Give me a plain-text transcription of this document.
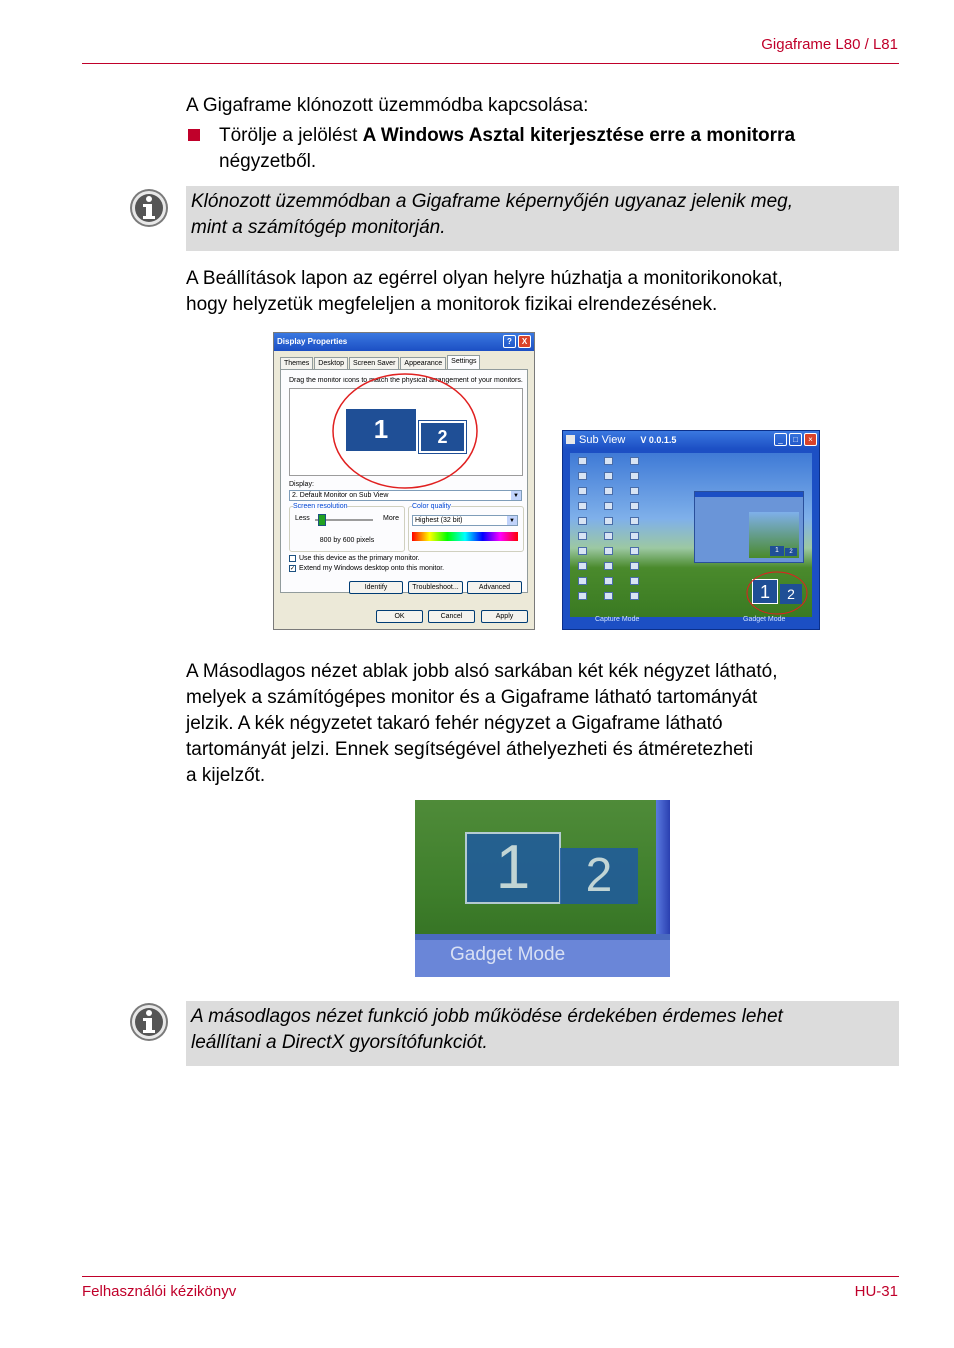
Gigaframe L80 / L81
A Gigaframe klónozott üzemmódba kapcsolása:
Törölje a jelölést A Windows Asztal kiterjesztése erre a monitorra
négyzetből.
Klónozott üzemmódban a Gigaframe képernyőjén ugyanaz jelenik meg,
mint a számítógép monitorján.
A Beállítások lapon az egérrel olyan helyre húzhatja a monitorikonokat,
hogy helyzetük megfeleljen a monitorok fizikai elrendezésének.
Display Properties	?	X
Themes	Desktop	Screen Saver	Appearance	Settings
Drag the monitor icons to match the physical arrangement of your monitors.
1	2
Display:
2. Default Monitor on Sub View	▼
Screen resolution
Less	More
800 by 600 pixels
Color quality
Highest (32 bit)	▼
Use this device as the primary monitor.
✓ Extend my Windows desktop onto this monitor.
Identify	Troubleshoot...	Advanced
OK	Cancel	Apply
Sub View V 0.0.1.5	_	□	×
1	2
1	2
Capture Mode	Gadget Mode
A Másodlagos nézet ablak jobb alsó sarkában két kék négyzet látható,
melyek a számítógépes monitor és a Gigaframe látható tartományát
jelzik. A kék négyzetet takaró fehér négyzet a Gigaframe látható
tartományát jelzi. Ennek segítségével áthelyezheti és átméretezheti
a kijelzőt.
1	2
Gadget Mode
A másodlagos nézet funkció jobb működése érdekében érdemes lehet
leállítani a DirectX gyorsítófunkciót.
Felhasználói kézikönyv	HU-31
